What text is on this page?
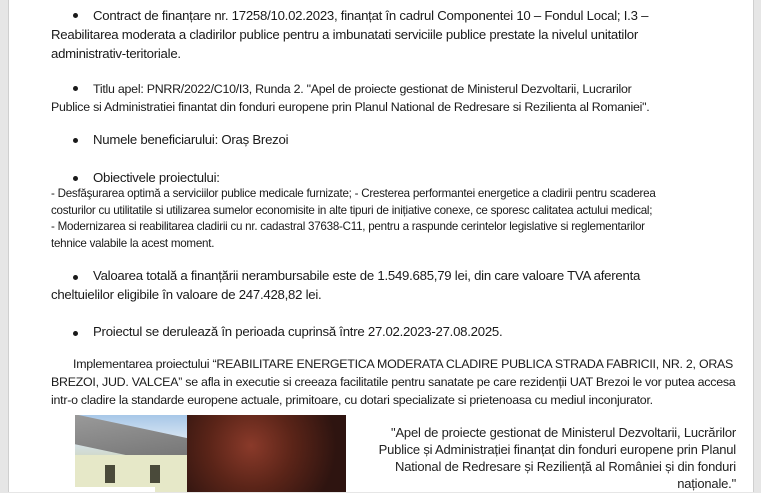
Contract de finanțare nr. 17258/10.02.2023, finanțat în cadrul Componentei 10 – Fondul Local; I.3 –
Reabilitarea moderata a cladirilor publice pentru a imbunatati serviciile publice prestate la nivelul unitatilor
administrativ-teritoriale.
Titlu apel: PNRR/2022/C10/I3, Runda 2. "Apel de proiecte gestionat de Ministerul Dezvoltarii, Lucrarilor
Publice si Administratiei finantat din fonduri europene prin Planul National de Redresare si Rezilienta al Romaniei".
Numele beneficiarului: Oraș Brezoi
Obiectivele proiectului:
- Desfăşurarea optimă a serviciilor publice medicale furnizate; - Cresterea performantei energetice a cladirii pentru scaderea
costurilor cu utilitatile si utilizarea sumelor economisite in alte tipuri de inițiative conexe, ce sporesc calitatea actului medical;
- Modernizarea si reabilitarea cladirii cu nr. cadastral 37638-C11, pentru a raspunde cerintelor legislative si reglementarilor
tehnice valabile la acest moment.
Valoarea totală a finanțării nerambursabile este de 1.549.685,79 lei, din care valoare TVA aferenta
cheltuielilor eligibile în valoare de 247.428,82 lei.
Proiectul se derulează în perioada cuprinsă între 27.02.2023-27.08.2025.
Implementarea proiectului “REABILITARE ENERGETICA MODERATA CLADIRE PUBLICA STRADA FABRICII, NR. 2, ORAS
BREZOI, JUD. VALCEA” se afla in executie si creeaza facilitatile pentru sanatate pe care rezidenții UAT Brezoi le vor putea accesa
intr-o cladire la standarde europene actuale, primitoare, cu dotari specializate si prietenoasa cu mediul inconjurator.
"Apel de proiecte gestionat de Ministerul Dezvoltarii, Lucrărilor
Publice și Administrației finanțat din fonduri europene prin Planul
National de Redresare și Reziliență al României și din fonduri
naționale."
